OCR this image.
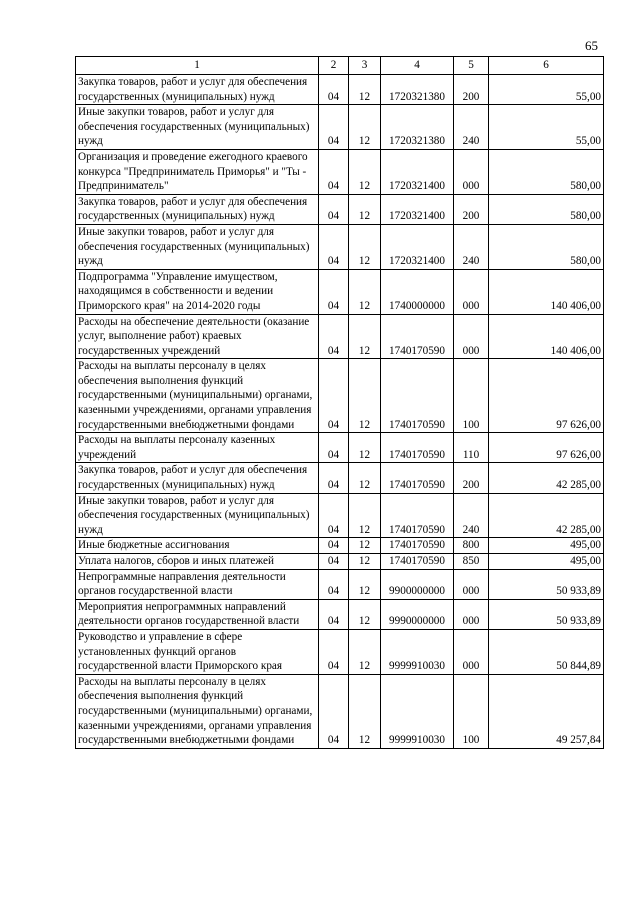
65
1	2	3	4	5	6
Закупка товаров, работ и услуг для обеспечения государственных (муниципальных) нужд	04	12	1720321380	200	55,00
Иные закупки товаров, работ и услуг для обеспечения государственных (муниципальных) нужд	04	12	1720321380	240	55,00
Организация и проведение ежегодного краевого конкурса "Предприниматель Приморья" и "Ты - Предприниматель"	04	12	1720321400	000	580,00
Закупка товаров, работ и услуг для обеспечения государственных (муниципальных) нужд	04	12	1720321400	200	580,00
Иные закупки товаров, работ и услуг для обеспечения государственных (муниципальных) нужд	04	12	1720321400	240	580,00
Подпрограмма "Управление имуществом, находящимся в собственности и ведении Приморского края" на 2014-2020 годы	04	12	1740000000	000	140 406,00
Расходы на обеспечение деятельности (оказание услуг, выполнение работ) краевых государственных учреждений	04	12	1740170590	000	140 406,00
Расходы на выплаты персоналу в целях обеспечения выполнения функций государственными (муниципальными) органами, казенными учреждениями, органами управления государственными внебюджетными фондами	04	12	1740170590	100	97 626,00
Расходы на выплаты персоналу казенных учреждений	04	12	1740170590	110	97 626,00
Закупка товаров, работ и услуг для обеспечения государственных (муниципальных) нужд	04	12	1740170590	200	42 285,00
Иные закупки товаров, работ и услуг для обеспечения государственных (муниципальных) нужд	04	12	1740170590	240	42 285,00
Иные бюджетные ассигнования	04	12	1740170590	800	495,00
Уплата налогов, сборов и иных платежей	04	12	1740170590	850	495,00
Непрограммные направления деятельности органов государственной власти	04	12	9900000000	000	50 933,89
Мероприятия непрограммных направлений деятельности органов государственной власти	04	12	9990000000	000	50 933,89
Руководство и управление в сфере установленных функций органов государственной власти Приморского края	04	12	9999910030	000	50 844,89
Расходы на выплаты персоналу в целях обеспечения выполнения функций государственными (муниципальными) органами, казенными учреждениями, органами управления государственными внебюджетными фондами	04	12	9999910030	100	49 257,84
